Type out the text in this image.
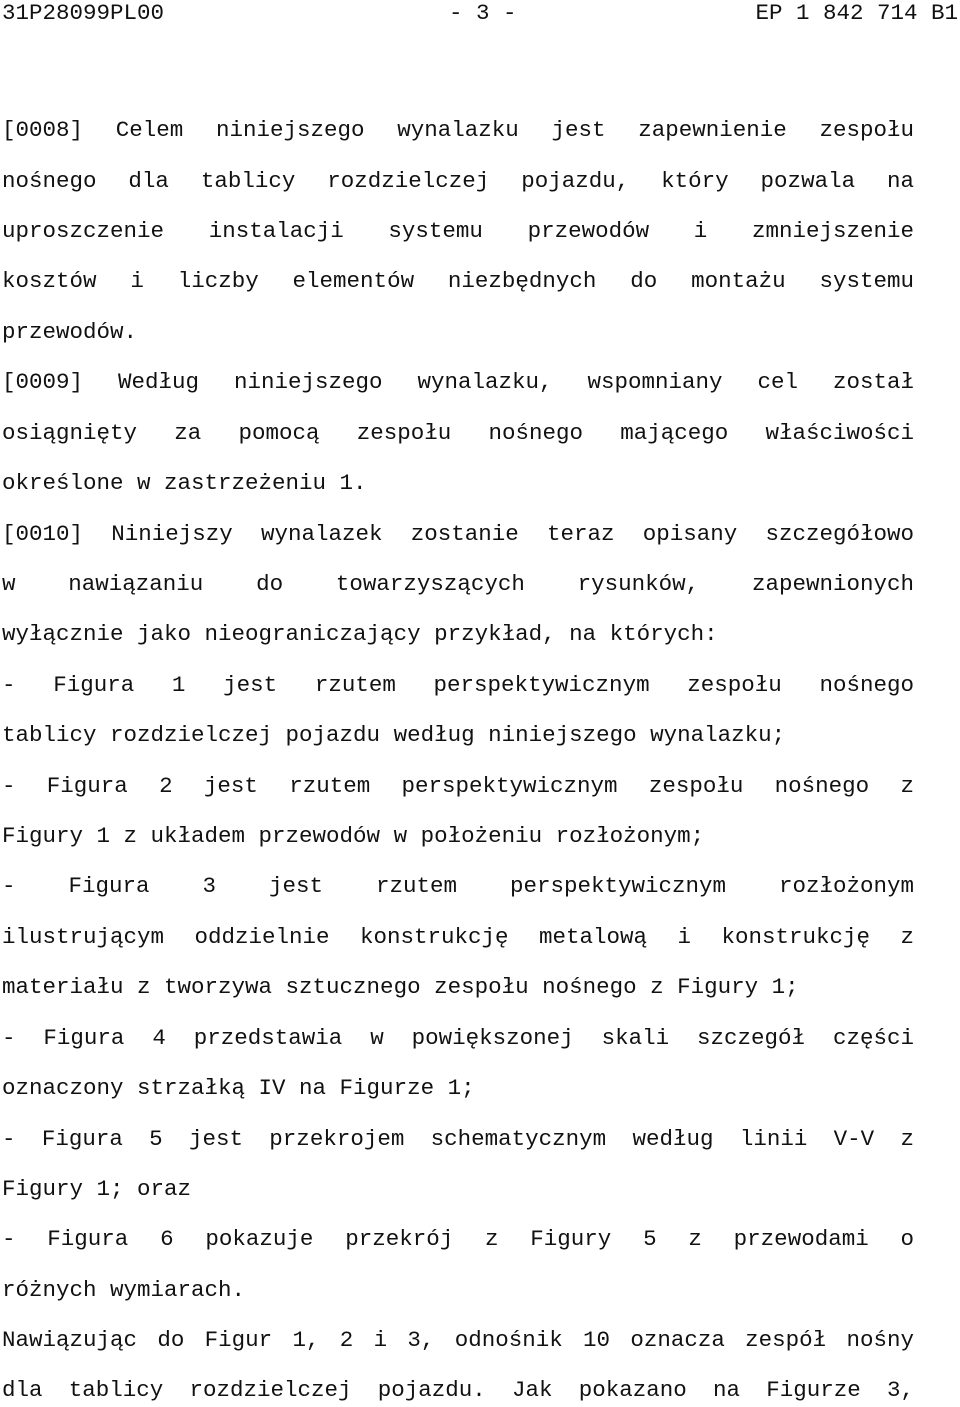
31P28099PL00	- 3 -	EP 1 842 714 B1
[0008] Celem niniejszego wynalazku jest zapewnienie zespołu
nośnego dla tablicy rozdzielczej pojazdu, który pozwala na
uproszczenie instalacji systemu przewodów i zmniejszenie
kosztów i liczby elementów niezbędnych do montażu systemu
przewodów.
[0009] Według niniejszego wynalazku, wspomniany cel został
osiągnięty za pomocą zespołu nośnego mającego właściwości
określone w zastrzeżeniu 1.
[0010] Niniejszy wynalazek zostanie teraz opisany szczegółowo
w nawiązaniu do towarzyszących rysunków, zapewnionych
wyłącznie jako nieograniczający przykład, na których:
- Figura 1 jest rzutem perspektywicznym zespołu nośnego
tablicy rozdzielczej pojazdu według niniejszego wynalazku;
- Figura 2 jest rzutem perspektywicznym zespołu nośnego z
Figury 1 z układem przewodów w położeniu rozłożonym;
- Figura 3 jest rzutem perspektywicznym rozłożonym
ilustrującym oddzielnie konstrukcję metalową i konstrukcję z
materiału z tworzywa sztucznego zespołu nośnego z Figury 1;
- Figura 4 przedstawia w powiększonej skali szczegół części
oznaczony strzałką IV na Figurze 1;
- Figura 5 jest przekrojem schematycznym według linii V-V z
Figury 1; oraz
- Figura 6 pokazuje przekrój z Figury 5 z przewodami o
różnych wymiarach.
Nawiązując do Figur 1, 2 i 3, odnośnik 10 oznacza zespół nośny
dla tablicy rozdzielczej pojazdu. Jak pokazano na Figurze 3,
